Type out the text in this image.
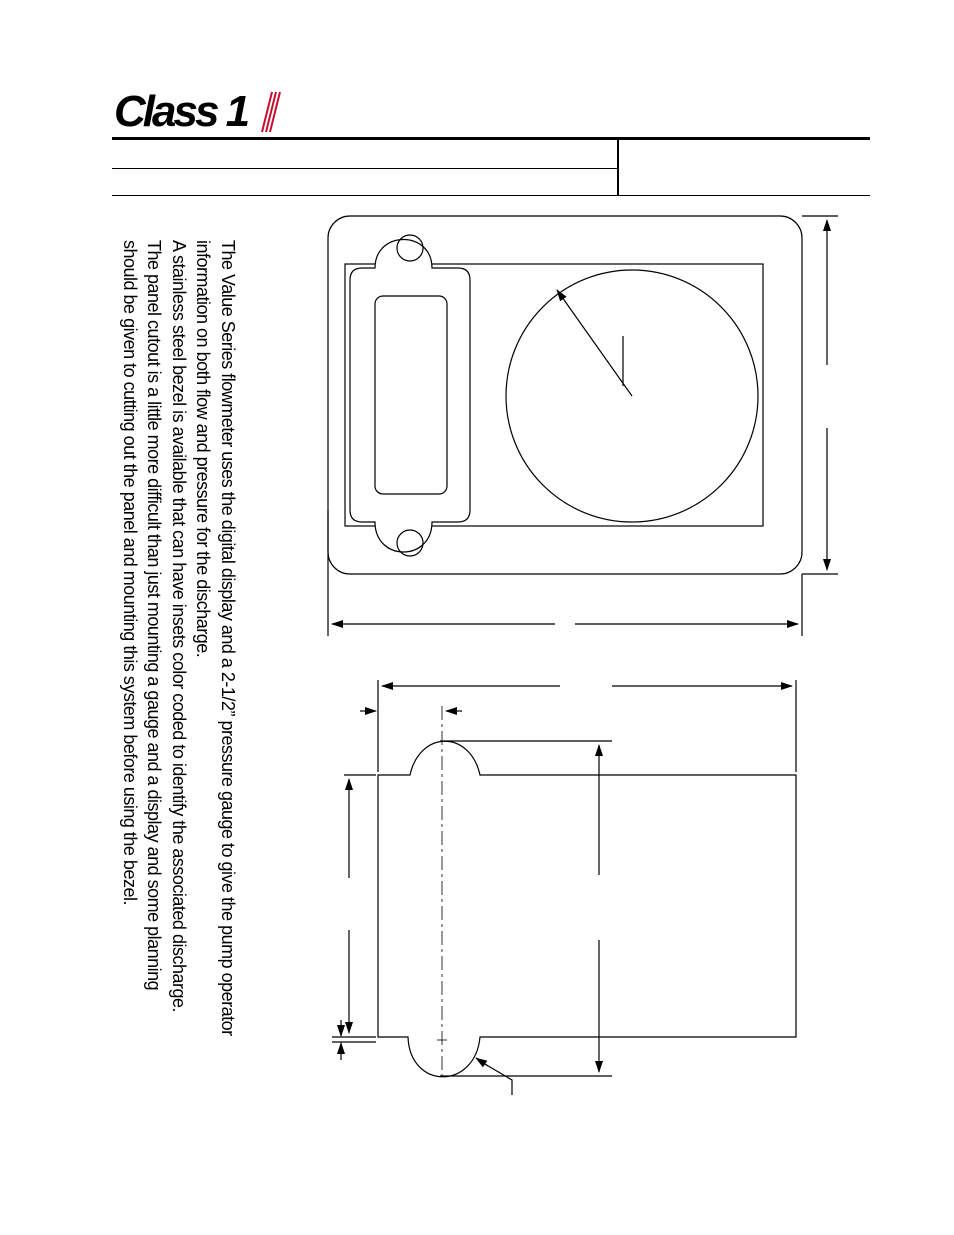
Class 1

The Value Series flowmeter uses the digital display and a 2-1/2” pressure gauge to give the pump operator

information on both flow and pressure for the discharge.

A stainless steel bezel is available that can have insets color coded to identify the associated discharge.

The panel cutout is a little more difficult than just mounting a gauge and a display and some planning

should be given to cutting out the panel and mounting this system before using the bezel.
